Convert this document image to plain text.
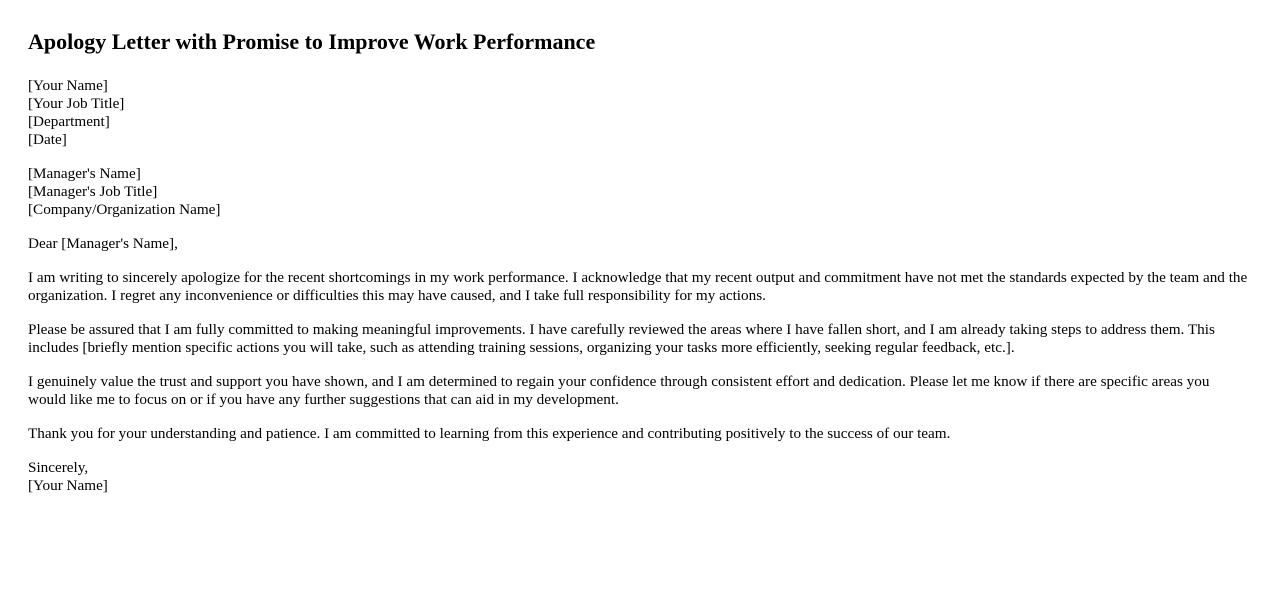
Apology Letter with Promise to Improve Work Performance

[Your Name]
[Your Job Title]
[Department]
[Date]

[Manager's Name]
[Manager's Job Title]
[Company/Organization Name]

Dear [Manager's Name],

I am writing to sincerely apologize for the recent shortcomings in my work performance. I acknowledge that my recent output and commitment have not met the standards expected by the team and the organization. I regret any inconvenience or difficulties this may have caused, and I take full responsibility for my actions.

Please be assured that I am fully committed to making meaningful improvements. I have carefully reviewed the areas where I have fallen short, and I am already taking steps to address them. This includes [briefly mention specific actions you will take, such as attending training sessions, organizing your tasks more efficiently, seeking regular feedback, etc.].

I genuinely value the trust and support you have shown, and I am determined to regain your confidence through consistent effort and dedication. Please let me know if there are specific areas you would like me to focus on or if you have any further suggestions that can aid in my development.

Thank you for your understanding and patience. I am committed to learning from this experience and contributing positively to the success of our team.

Sincerely,
[Your Name]
